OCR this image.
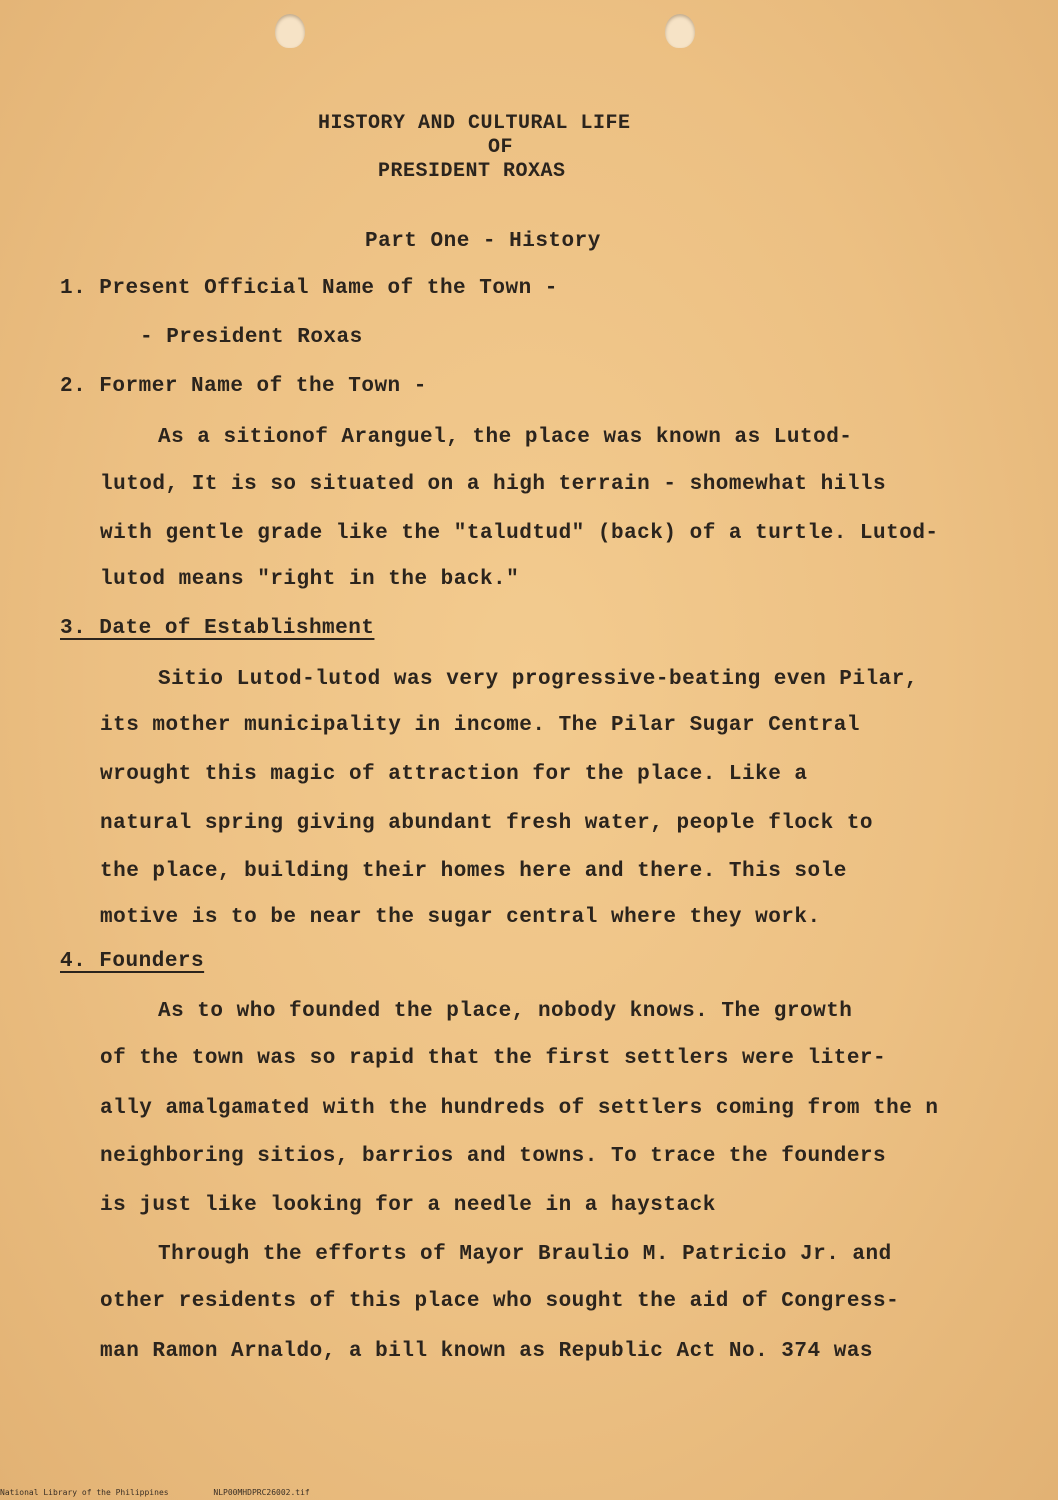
HISTORY AND CULTURAL LIFE
OF
PRESIDENT ROXAS
Part One - History
1. Present Official Name of the Town -
- President Roxas
2. Former Name of the Town -
As a sitionof Aranguel, the place was known as Lutod-
lutod, It is so situated on a high terrain - shomewhat hills
with gentle grade like the "taludtud" (back) of a turtle. Lutod-
lutod means "right in the back."
3. Date of Establishment
Sitio Lutod-lutod was very progressive-beating even Pilar,
its mother municipality in income. The Pilar Sugar Central
wrought this magic of attraction for the place. Like a
natural spring giving abundant fresh water, people flock to
the place, building their homes here and there. This sole
motive is to be near the sugar central where they work.
4. Founders
As to who founded the place, nobody knows. The growth
of the town was so rapid that the first settlers were liter-
ally amalgamated with the hundreds of settlers coming from the n
neighboring sitios, barrios and towns. To trace the founders
is just like looking for a needle in a haystack
Through the efforts of Mayor Braulio M. Patricio Jr. and
other residents of this place who sought the aid of Congress-
man Ramon Arnaldo, a bill known as Republic Act No. 374 was
National Library of the Philippines	NLP00MHDPRC26002.tif
